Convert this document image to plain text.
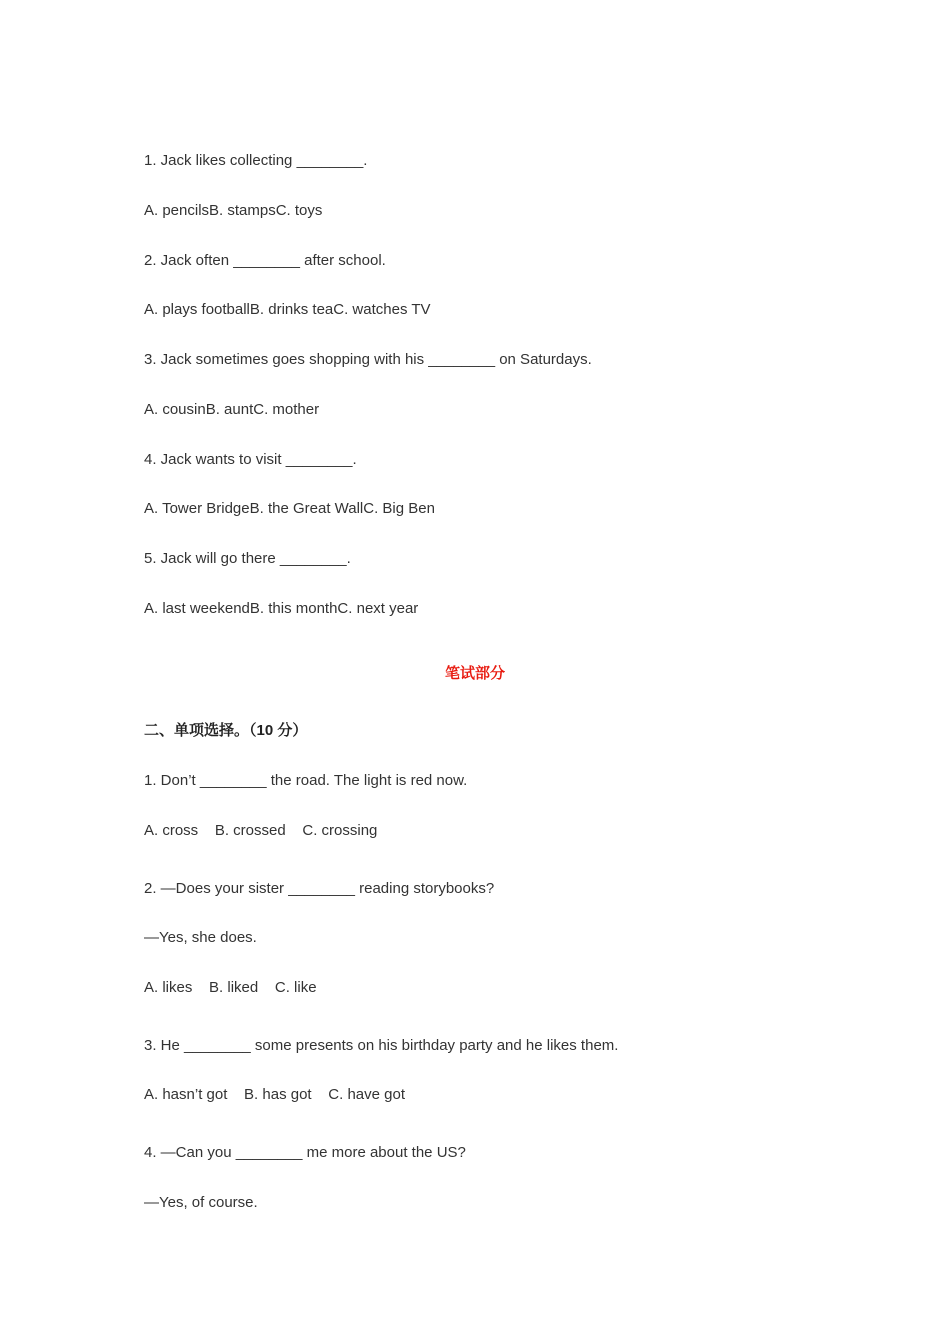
1. Jack likes collecting ________.
A. pencilsB. stampsC. toys
2. Jack often ________ after school.
A. plays footballB. drinks teaC. watches TV
3. Jack sometimes goes shopping with his ________ on Saturdays.
A. cousinB. auntC. mother
4. Jack wants to visit ________.
A. Tower BridgeB. the Great WallC. Big Ben
5. Jack will go there ________.
A. last weekendB. this monthC. next year
笔试部分
二、单项选择。（10 分）
1. Don’t ________ the road. The light is red now.
A. cross    B. crossed    C. crossing
2. —Does your sister ________ reading storybooks?
—Yes, she does.
A. likes    B. liked    C. like
3. He ________ some presents on his birthday party and he likes them.
A. hasn’t got    B. has got    C. have got
4. —Can you ________ me more about the US?
—Yes, of course.
